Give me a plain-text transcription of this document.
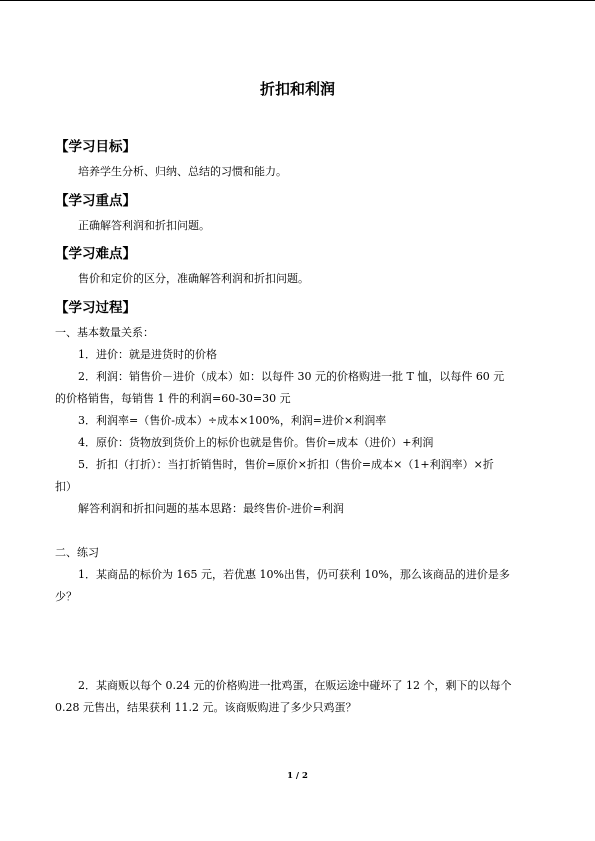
折扣和利润
【学习目标】
培养学生分析、归纳、总结的习惯和能力。
【学习重点】
正确解答利润和折扣问题。
【学习难点】
售价和定价的区分，准确解答利润和折扣问题。
【学习过程】
一、基本数量关系：
1．进价：就是进货时的价格
2．利润：销售价－进价（成本）如：以每件 30 元的价格购进一批 T 恤，以每件 60 元
的价格销售，每销售 1 件的利润=60-30=30 元
3．利润率=（售价-成本）÷成本×100%，利润=进价×利润率
4．原价：货物放到货价上的标价也就是售价。售价=成本（进价）+利润
5．折扣（打折）：当打折销售时，售价=原价×折扣（售价=成本×（1+利润率）×折
扣）
解答利润和折扣问题的基本思路：最终售价-进价=利润
二、练习
1．某商品的标价为 165 元，若优惠 10%出售，仍可获利 10%，那么该商品的进价是多
少？
2．某商贩以每个 0.24 元的价格购进一批鸡蛋，在贩运途中碰坏了 12 个，剩下的以每个
0.28 元售出，结果获利 11.2 元。该商贩购进了多少只鸡蛋？
1 / 2
